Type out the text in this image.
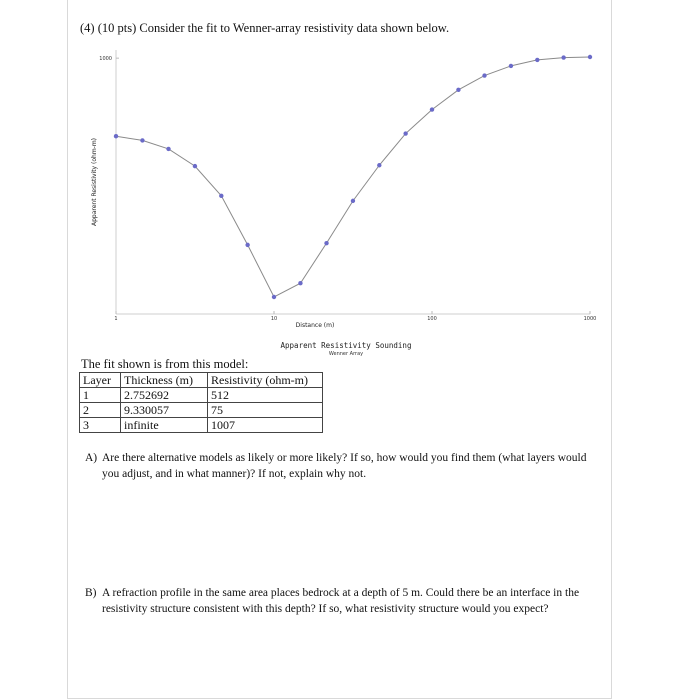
(4) (10 pts) Consider the fit to Wenner-array resistivity data shown below.
1	10	100	1000
1000
Apparent Resistivity (ohm-m)
Distance (m)
Apparent Resistivity Sounding
Wenner Array
The fit shown is from this model:
Layer	Thickness (m)	Resistivity (ohm-m)
1	2.752692	512
2	9.330057	75
3	infinite	1007
A) Are there alternative models as likely or more likely? If so, how would you find them (what layers would you adjust, and in what manner)? If not, explain why not.
B) A refraction profile in the same area places bedrock at a depth of 5 m. Could there be an interface in the resistivity structure consistent with this depth? If so, what resistivity structure would you expect?
